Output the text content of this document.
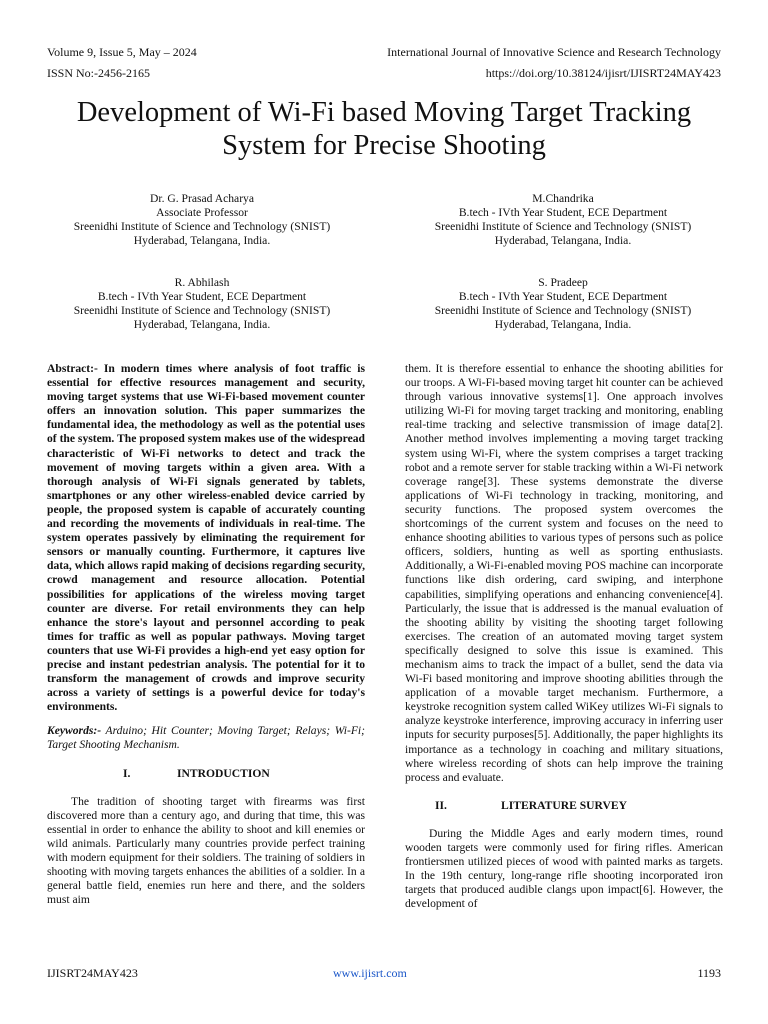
Volume 9, Issue 5, May – 2024	International Journal of Innovative Science and Research Technology
ISSN No:-2456-2165	https://doi.org/10.38124/ijisrt/IJISRT24MAY423
Development of Wi-Fi based Moving Target Tracking
System for Precise Shooting
Dr. G. Prasad Acharya
Associate Professor
Sreenidhi Institute of Science and Technology (SNIST)
Hyderabad, Telangana, India.
M.Chandrika
B.tech - IVth Year Student, ECE Department
Sreenidhi Institute of Science and Technology (SNIST)
Hyderabad, Telangana, India.
R. Abhilash
B.tech - IVth Year Student, ECE Department
Sreenidhi Institute of Science and Technology (SNIST)
Hyderabad, Telangana, India.
S. Pradeep
B.tech - IVth Year Student, ECE Department
Sreenidhi Institute of Science and Technology (SNIST)
Hyderabad, Telangana, India.

Abstract:- In modern times where analysis of foot traffic is essential for effective resources management and security, moving target systems that use Wi-Fi-based movement counter offers an innovation solution. This paper summarizes the fundamental idea, the methodology as well as the potential uses of the system. The proposed system makes use of the widespread characteristic of Wi-Fi networks to detect and track the movement of moving targets within a given area. With a thorough analysis of Wi-Fi signals generated by tablets, smartphones or any other wireless-enabled device carried by people, the proposed system is capable of accurately counting and recording the movements of individuals in real-time. The system operates passively by eliminating the requirement for sensors or manually counting. Furthermore, it captures live data, which allows rapid making of decisions regarding security, crowd management and resource allocation. Potential possibilities for applications of the wireless moving target counter are diverse. For retail environments they can help enhance the store's layout and personnel according to peak times for traffic as well as popular pathways. Moving target counters that use Wi-Fi provides a high-end yet easy option for precise and instant pedestrian analysis. The potential for it to transform the management of crowds and improve security across a variety of settings is a powerful device for today's environments.

Keywords:- Arduino; Hit Counter; Moving Target; Relays; Wi-Fi; Target Shooting Mechanism.

I.	INTRODUCTION

The tradition of shooting target with firearms was first discovered more than a century ago, and during that time, this was essential in order to enhance the ability to shoot and kill enemies or wild animals. Particularly many countries provide perfect training with modern equipment for their soldiers. The training of soldiers in shooting with moving targets enhances the abilities of a soldier. In a general battle field, enemies run here and there, and the solders must aim

them. It is therefore essential to enhance the shooting abilities for our troops. A Wi-Fi-based moving target hit counter can be achieved through various innovative systems[1]. One approach involves utilizing Wi-Fi for moving target tracking and monitoring, enabling real-time tracking and selective transmission of image data[2]. Another method involves implementing a moving target tracking system using Wi-Fi, where the system comprises a target tracking robot and a remote server for stable tracking within a Wi-Fi network coverage range[3]. These systems demonstrate the diverse applications of Wi-Fi technology in tracking, monitoring, and security functions. The proposed system overcomes the shortcomings of the current system and focuses on the need to enhance shooting abilities to various types of persons such as police officers, soldiers, hunting as well as sporting enthusiasts. Additionally, a Wi-Fi-enabled moving POS machine can incorporate functions like dish ordering, card swiping, and interphone capabilities, simplifying operations and enhancing convenience[4]. Particularly, the issue that is addressed is the manual evaluation of the shooting ability by visiting the shooting target following exercises. The creation of an automated moving target system specifically designed to solve this issue is examined. This mechanism aims to track the impact of a bullet, send the data via Wi-Fi based monitoring and improve shooting abilities through the application of a movable target mechanism. Furthermore, a keystroke recognition system called WiKey utilizes Wi-Fi signals to analyze keystroke interference, improving accuracy in inferring user inputs for security purposes[5]. Additionally, the paper highlights its importance as a technology in coaching and military situations, where wireless recording of shots can help improve the training process and evaluate.

II.	LITERATURE SURVEY

During the Middle Ages and early modern times, round wooden targets were commonly used for firing rifles. American frontiersmen utilized pieces of wood with painted marks as targets. In the 19th century, long-range rifle shooting incorporated iron targets that produced audible clangs upon impact[6]. However, the development of

IJISRT24MAY423	www.ijisrt.com	1193
